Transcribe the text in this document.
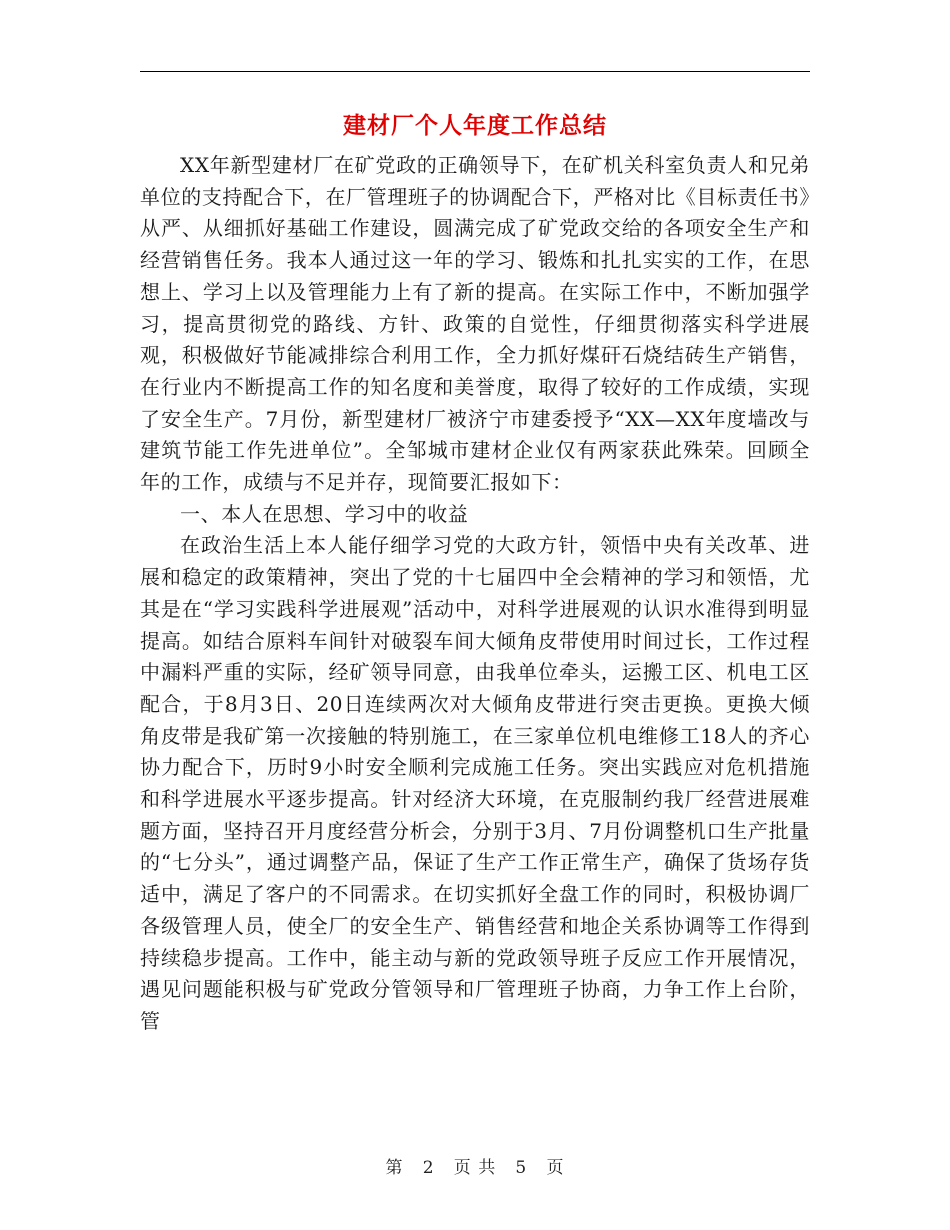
建材厂个人年度工作总结

XX年新型建材厂在矿党政的正确领导下，在矿机关科室负责人和兄弟单位的支持配合下，在厂管理班子的协调配合下，严格对比《目标责任书》从严、从细抓好基础工作建设，圆满完成了矿党政交给的各项安全生产和经营销售任务。我本人通过这一年的学习、锻炼和扎扎实实的工作，在思想上、学习上以及管理能力上有了新的提高。在实际工作中，不断加强学习，提高贯彻党的路线、方针、政策的自觉性，仔细贯彻落实科学进展观，积极做好节能减排综合利用工作，全力抓好煤矸石烧结砖生产销售，在行业内不断提高工作的知名度和美誉度，取得了较好的工作成绩，实现了安全生产。7月份，新型建材厂被济宁市建委授予“XX—XX年度墙改与建筑节能工作先进单位”。全邹城市建材企业仅有两家获此殊荣。回顾全年的工作，成绩与不足并存，现简要汇报如下：

一、本人在思想、学习中的收益

在政治生活上本人能仔细学习党的大政方针，领悟中央有关改革、进展和稳定的政策精神，突出了党的十七届四中全会精神的学习和领悟，尤其是在“学习实践科学进展观”活动中，对科学进展观的认识水准得到明显提高。如结合原料车间针对破裂车间大倾角皮带使用时间过长，工作过程中漏料严重的实际，经矿领导同意，由我单位牵头，运搬工区、机电工区配合，于8月3日、20日连续两次对大倾角皮带进行突击更换。更换大倾角皮带是我矿第一次接触的特别施工，在三家单位机电维修工18人的齐心协力配合下，历时9小时安全顺利完成施工任务。突出实践应对危机措施和科学进展水平逐步提高。针对经济大环境，在克服制约我厂经营进展难题方面，坚持召开月度经营分析会，分别于3月、7月份调整机口生产批量的“七分头”，通过调整产品，保证了生产工作正常生产，确保了货场存货适中，满足了客户的不同需求。在切实抓好全盘工作的同时，积极协调厂各级管理人员，使全厂的安全生产、销售经营和地企关系协调等工作得到持续稳步提高。工作中，能主动与新的党政领导班子反应工作开展情况，遇见问题能积极与矿党政分管领导和厂管理班子协商，力争工作上台阶，管

第 2 页 共 5 页
